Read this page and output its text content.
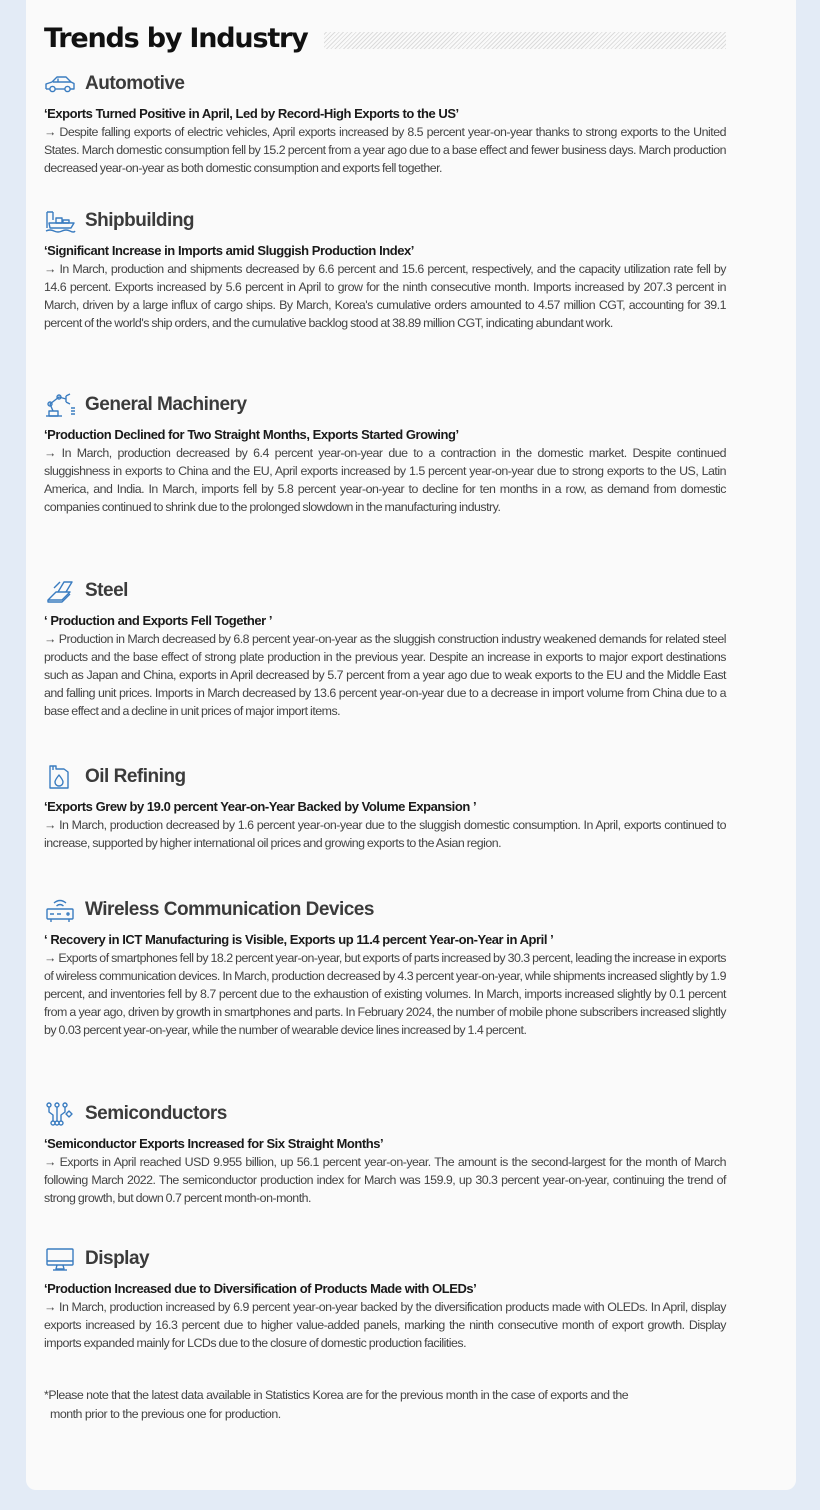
Trends by Industry
Automotive
‘Exports Turned Positive in April, Led by Record-High Exports to the US’
→ Despite falling exports of electric vehicles, April exports increased by 8.5 percent year-on-year thanks to strong exports to the United States. March domestic consumption fell by 15.2 percent from a year ago due to a base effect and fewer business days. March production decreased year-on-year as both domestic consumption and exports fell together.
Shipbuilding
‘Significant Increase in Imports amid Sluggish Production Index’
→ In March, production and shipments decreased by 6.6 percent and 15.6 percent, respectively, and the capacity utilization rate fell by 14.6 percent. Exports increased by 5.6 percent in April to grow for the ninth consecutive month. Imports increased by 207.3 percent in March, driven by a large influx of cargo ships. By March, Korea's cumulative orders amounted to 4.57 million CGT, accounting for 39.1 percent of the world's ship orders, and the cumulative backlog stood at 38.89 million CGT, indicating abundant work.
General Machinery
‘Production Declined for Two Straight Months, Exports Started Growing’
→ In March, production decreased by 6.4 percent year-on-year due to a contraction in the domestic market. Despite continued sluggishness in exports to China and the EU, April exports increased by 1.5 percent year-on-year due to strong exports to the US, Latin America, and India. In March, imports fell by 5.8 percent year-on-year to decline for ten months in a row, as demand from domestic companies continued to shrink due to the prolonged slowdown in the manufacturing industry.
Steel
‘ Production and Exports Fell Together ’
→ Production in March decreased by 6.8 percent year-on-year as the sluggish construction industry weakened demands for related steel products and the base effect of strong plate production in the previous year. Despite an increase in exports to major export destinations such as Japan and China, exports in April decreased by 5.7 percent from a year ago due to weak exports to the EU and the Middle East and falling unit prices. Imports in March decreased by 13.6 percent year-on-year due to a decrease in import volume from China due to a base effect and a decline in unit prices of major import items.
Oil Refining
‘Exports Grew by 19.0 percent Year-on-Year Backed by Volume Expansion ’
→ In March, production decreased by 1.6 percent year-on-year due to the sluggish domestic consumption. In April, exports continued to increase, supported by higher international oil prices and growing exports to the Asian region.
Wireless Communication Devices
‘ Recovery in ICT Manufacturing is Visible, Exports up 11.4 percent Year-on-Year in April ’
→ Exports of smartphones fell by 18.2 percent year-on-year, but exports of parts increased by 30.3 percent, leading the increase in exports of wireless communication devices. In March, production decreased by 4.3 percent year-on-year, while shipments increased slightly by 1.9 percent, and inventories fell by 8.7 percent due to the exhaustion of existing volumes. In March, imports increased slightly by 0.1 percent from a year ago, driven by growth in smartphones and parts. In February 2024, the number of mobile phone subscribers increased slightly by 0.03 percent year-on-year, while the number of wearable device lines increased by 1.4 percent.
Semiconductors
‘Semiconductor Exports Increased for Six Straight Months’
→ Exports in April reached USD 9.955 billion, up 56.1 percent year-on-year. The amount is the second-largest for the month of March following March 2022. The semiconductor production index for March was 159.9, up 30.3 percent year-on-year, continuing the trend of strong growth, but down 0.7 percent month-on-month.
Display
‘Production Increased due to Diversification of Products Made with OLEDs’
→ In March, production increased by 6.9 percent year-on-year backed by the diversification products made with OLEDs. In April, display exports increased by 16.3 percent due to higher value-added panels, marking the ninth consecutive month of export growth. Display imports expanded mainly for LCDs due to the closure of domestic production facilities.
*Please note that the latest data available in Statistics Korea are for the previous month in the case of exports and the
month prior to the previous one for production.
